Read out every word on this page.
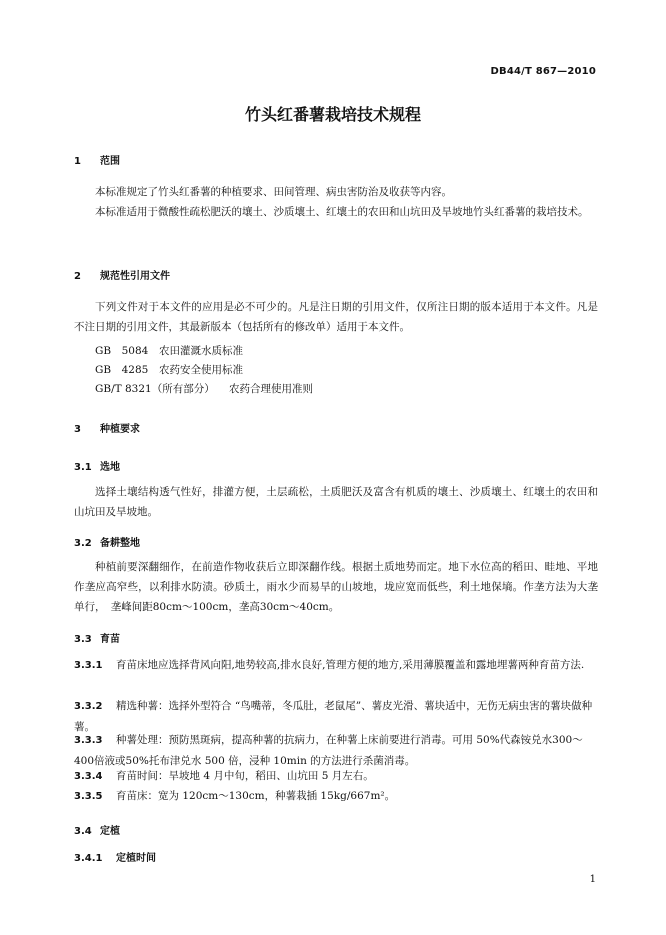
DB44/T 867—2010
竹头红番薯栽培技术规程
1 范围
本标准规定了竹头红番薯的种植要求、田间管理、病虫害防治及收获等内容。
本标准适用于微酸性疏松肥沃的壤土、沙质壤土、红壤土的农田和山坑田及旱坡地竹头红番薯的栽培技术。
2 规范性引用文件
下列文件对于本文件的应用是必不可少的。凡是注日期的引用文件，仅所注日期的版本适用于本文件。凡是不注日期的引用文件，其最新版本（包括所有的修改单）适用于本文件。
GB　5084 农田灌溉水质标准
GB　4285 农药安全使用标准
GB/T 8321（所有部分） 农药合理使用准则
3 种植要求
3.1 选地
选择土壤结构透气性好，排灌方便，土层疏松，土质肥沃及富含有机质的壤土、沙质壤土、红壤土的农田和山坑田及旱坡地。
3.2 备耕整地
种植前要深翻细作，在前造作物收获后立即深翻作线。根据土质地势而定。地下水位高的稻田、畦地、平地作垄应高窄些，以利排水防渍。砂质土，雨水少而易旱的山坡地，垅应宽而低些，利土地保墒。作垄方法为大垄单行，　垄峰间距80cm～100cm，垄高30cm～40cm。
3.3 育苗
3.3.1 育苗床地应选择背风向阳,地势较高,排水良好,管理方便的地方,采用薄膜覆盖和露地埋薯两种育苗方法.
3.3.2 精选种薯：选择外型符合 “鸟嘴蒂，冬瓜肚，老鼠尾”、薯皮光滑、薯块适中，无伤无病虫害的薯块做种薯。
3.3.3 种薯处理：预防黑斑病，提高种薯的抗病力，在种薯上床前要进行消毒。可用 50%代森铵兑水300～400倍液或50%托布津兑水 500 倍，浸种 10min 的方法进行杀菌消毒。
3.3.4 育苗时间：旱坡地 4 月中旬，稻田、山坑田 5 月左右。
3.3.5 育苗床：宽为 120cm～130cm，种薯栽插 15kg/667m²。
3.4 定植
3.4.1 定植时间
1
